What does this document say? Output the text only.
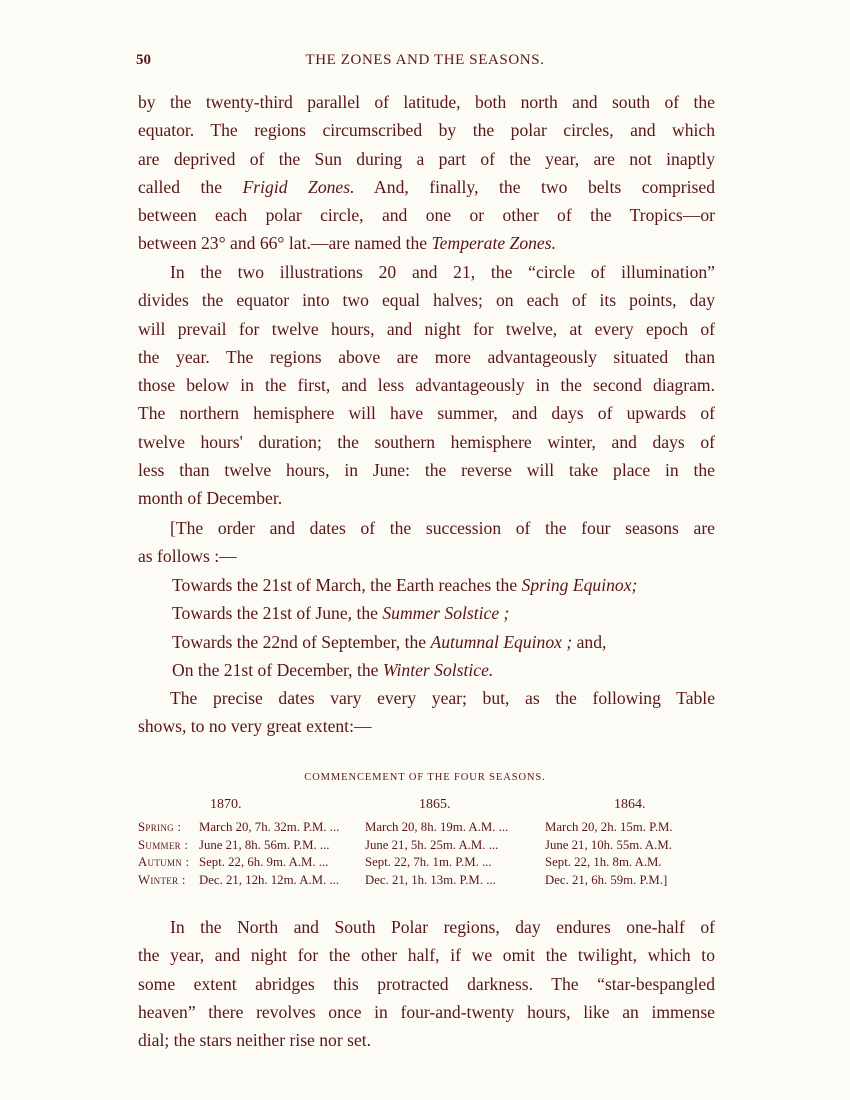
50	THE ZONES AND THE SEASONS.
by the twenty-third parallel of latitude, both north and south of the
equator. The regions circumscribed by the polar circles, and which
are deprived of the Sun during a part of the year, are not inaptly
called the Frigid Zones. And, finally, the two belts comprised
between each polar circle, and one or other of the Tropics—or
between 23° and 66° lat.—are named the Temperate Zones.
In the two illustrations 20 and 21, the “circle of illumination”
divides the equator into two equal halves; on each of its points, day
will prevail for twelve hours, and night for twelve, at every epoch of
the year. The regions above are more advantageously situated than
those below in the first, and less advantageously in the second diagram.
The northern hemisphere will have summer, and days of upwards of
twelve hours' duration; the southern hemisphere winter, and days of
less than twelve hours, in June: the reverse will take place in the
month of December.
[The order and dates of the succession of the four seasons are
as follows :—
Towards the 21st of March, the Earth reaches the Spring Equinox;
Towards the 21st of June, the Summer Solstice ;
Towards the 22nd of September, the Autumnal Equinox ; and,
On the 21st of December, the Winter Solstice.
The precise dates vary every year; but, as the following Table
shows, to no very great extent:—
COMMENCEMENT OF THE FOUR SEASONS.
1870.	1865.	1864.
Spring : March 20, 7h. 32m. P.M. ... March 20, 8h. 19m. A.M. ...	March 20, 2h. 15m. P.M.
Summer : June 21, 8h. 56m. P.M. ...	June 21, 5h. 25m. A.M. ...	June 21, 10h. 55m. A.M.
Autumn : Sept. 22, 6h. 9m. A.M. ...	Sept. 22, 7h. 1m. P.M. ...	Sept. 22, 1h. 8m. A.M.
Winter : Dec. 21, 12h. 12m. A.M. ... Dec. 21, 1h. 13m. P.M. ...	Dec. 21, 6h. 59m. P.M.]
In the North and South Polar regions, day endures one-half of
the year, and night for the other half, if we omit the twilight, which to
some extent abridges this protracted darkness. The “star-bespangled
heaven” there revolves once in four-and-twenty hours, like an immense
dial; the stars neither rise nor set.
